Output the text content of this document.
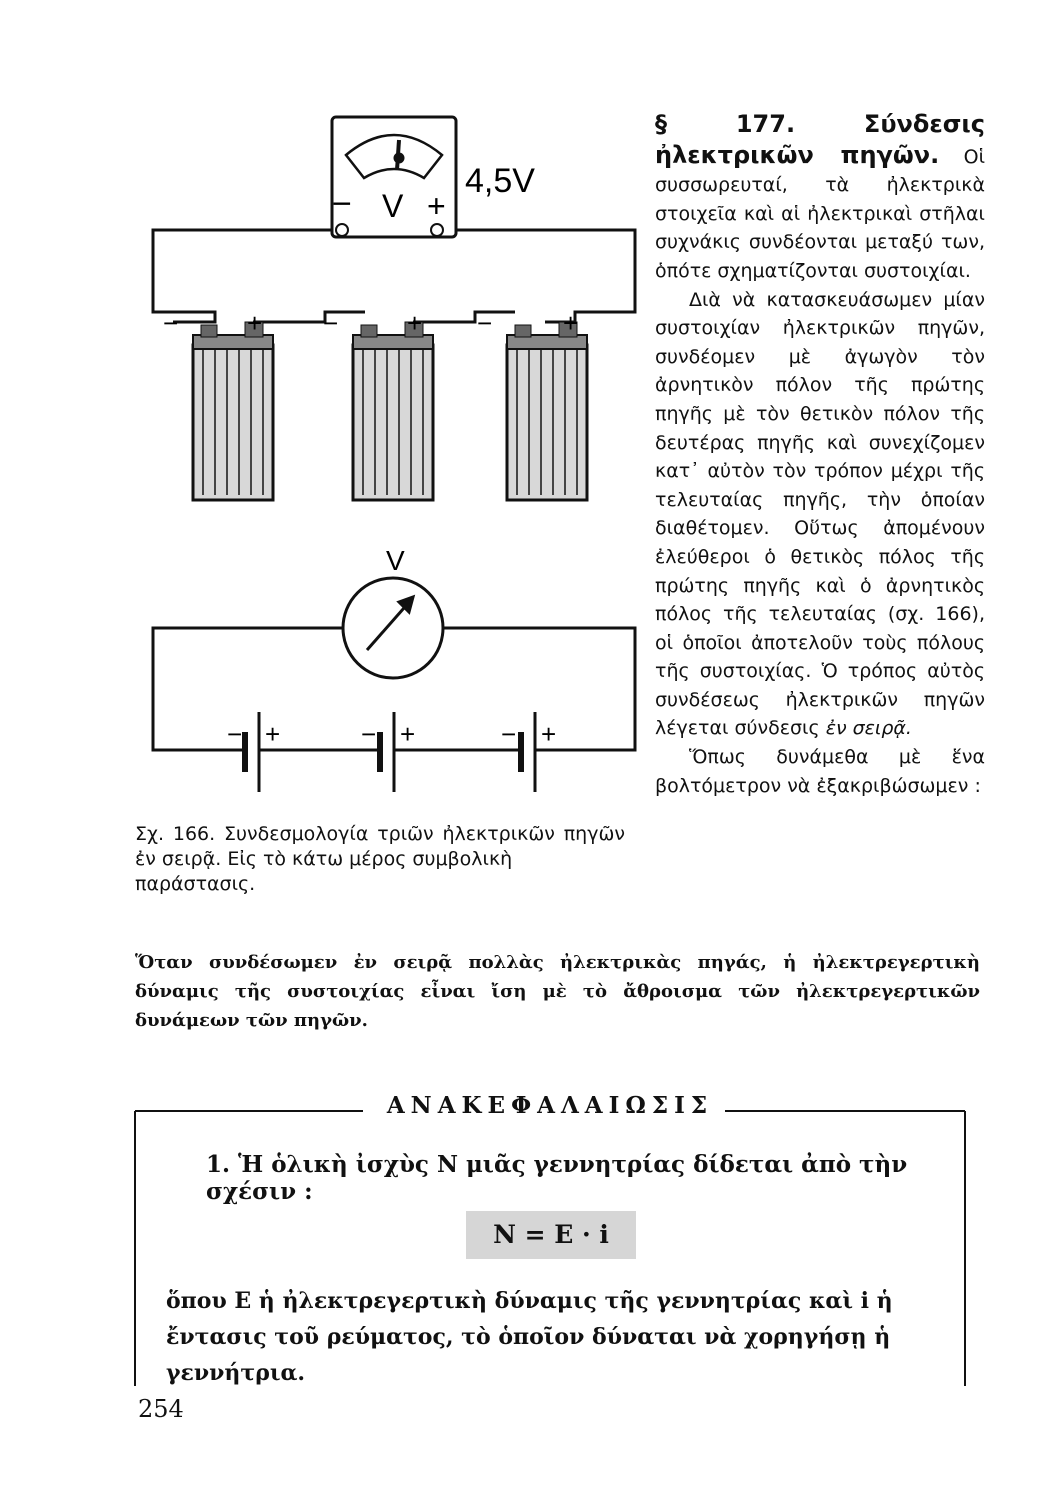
− V +
4,5V
−	+ −	+ −	+
V
− +	− +	− +
Σχ. 166. Συνδεσμολογία τριῶν ἠλεκτρικῶν πηγῶν ἐν σειρᾷ. Εἰς τὸ κάτω μέρος συμβολικὴ
παράστασις.

§ 177. Σύνδεσις ἠλεκτρικῶν πηγῶν. Οἱ συσσωρευταί, τὰ ἠλεκτρικὰ στοιχεῖα καὶ αἱ ἠλεκτρικαὶ στῆλαι συχνάκις συνδέονται μεταξύ των, ὁπότε σχηματίζονται συστοιχίαι.

Διὰ νὰ κατασκευάσωμεν μίαν συστοιχίαν ἠλεκτρικῶν πηγῶν, συνδέομεν μὲ ἀγωγὸν τὸν ἀρνητικὸν πόλον τῆς πρώτης πηγῆς μὲ τὸν θετικὸν πόλον τῆς δευτέρας πηγῆς καὶ συνεχίζομεν κατ᾽ αὐτὸν τὸν τρόπον μέχρι τῆς τελευταίας πηγῆς, τὴν ὁποίαν διαθέτομεν. Οὕτως ἀπομένουν ἐλεύθεροι ὁ θετικὸς πόλος τῆς πρώτης πηγῆς καὶ ὁ ἀρνητικὸς πόλος τῆς τελευταίας (σχ. 166), οἱ ὁποῖοι ἀποτελοῦν τοὺς πόλους τῆς συστοιχίας. Ὁ τρόπος αὐτὸς συνδέσεως ἠλεκτρικῶν πηγῶν λέγεται σύνδεσις ἐν σειρᾷ.

Ὅπως δυνάμεθα μὲ ἕνα βολτόμετρον νὰ ἐξακριβώσωμεν :

Ὅταν συνδέσωμεν ἐν σειρᾷ πολλὰς ἠλεκτρικὰς πηγάς, ἡ ἠλεκτρεγερτικὴ δύναμις τῆς συστοιχίας εἶναι ἴση μὲ τὸ ἄθροισμα τῶν ἠλεκτρεγερτικῶν δυνάμεων τῶν πηγῶν.
ΑΝΑΚΕΦΑΛΑΙΩΣΙΣ
1. Ἡ ὁλικὴ ἰσχὺς Ν μιᾶς γεννητρίας δίδεται ἀπὸ τὴν σχέσιν :
N = E · i
ὅπου Ε ἡ ἠλεκτρεγερτικὴ δύναμις τῆς γεννητρίας καὶ i ἡ ἔντασις τοῦ ρεύματος, τὸ ὁποῖον δύναται νὰ χορηγήσῃ ἡ γεννήτρια.
254
